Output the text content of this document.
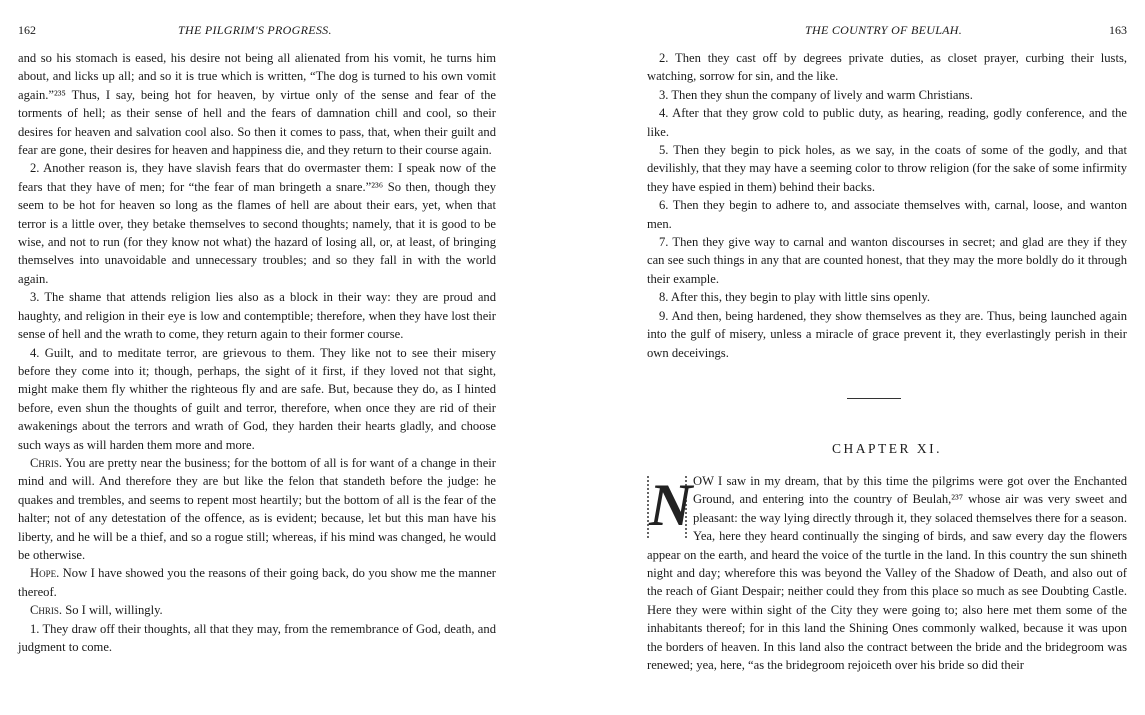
162	THE PILGRIM'S PROGRESS.

and so his stomach is eased, his desire not being all alienated from his vomit, he turns him about, and licks up all; and so it is true which is written, “The dog is turned to his own vomit again.”²³⁵ Thus, I say, being hot for heaven, by virtue only of the sense and fear of the torments of hell; as their sense of hell and the fears of damnation chill and cool, so their desires for heaven and salvation cool also. So then it comes to pass, that, when their guilt and fear are gone, their desires for heaven and happiness die, and they return to their course again.

2. Another reason is, they have slavish fears that do overmaster them: I speak now of the fears that they have of men; for “the fear of man bringeth a snare.”²³⁶ So then, though they seem to be hot for heaven so long as the flames of hell are about their ears, yet, when that terror is a little over, they betake themselves to second thoughts; namely, that it is good to be wise, and not to run (for they know not what) the hazard of losing all, or, at least, of bringing themselves into unavoidable and unnecessary troubles; and so they fall in with the world again.

3. The shame that attends religion lies also as a block in their way: they are proud and haughty, and religion in their eye is low and contemptible; therefore, when they have lost their sense of hell and the wrath to come, they return again to their former course.

4. Guilt, and to meditate terror, are grievous to them. They like not to see their misery before they come into it; though, perhaps, the sight of it first, if they loved not that sight, might make them fly whither the righteous fly and are safe. But, because they do, as I hinted before, even shun the thoughts of guilt and terror, therefore, when once they are rid of their awakenings about the terrors and wrath of God, they harden their hearts gladly, and choose such ways as will harden them more and more.

Chris. You are pretty near the business; for the bottom of all is for want of a change in their mind and will. And therefore they are but like the felon that standeth before the judge: he quakes and trembles, and seems to repent most heartily; but the bottom of all is the fear of the halter; not of any detestation of the offence, as is evident; because, let but this man have his liberty, and he will be a thief, and so a rogue still; whereas, if his mind was changed, he would be otherwise.

Hope. Now I have showed you the reasons of their going back, do you show me the manner thereof.

Chris. So I will, willingly.

1. They draw off their thoughts, all that they may, from the remembrance of God, death, and judgment to come.

THE COUNTRY OF BEULAH.	163

2. Then they cast off by degrees private duties, as closet prayer, curbing their lusts, watching, sorrow for sin, and the like.

3. Then they shun the company of lively and warm Christians.

4. After that they grow cold to public duty, as hearing, reading, godly conference, and the like.

5. Then they begin to pick holes, as we say, in the coats of some of the godly, and that devilishly, that they may have a seeming color to throw religion (for the sake of some infirmity they have espied in them) behind their backs.

6. Then they begin to adhere to, and associate themselves with, carnal, loose, and wanton men.

7. Then they give way to carnal and wanton discourses in secret; and glad are they if they can see such things in any that are counted honest, that they may the more boldly do it through their example.

8. After this, they begin to play with little sins openly.

9. And then, being hardened, they show themselves as they are. Thus, being launched again into the gulf of misery, unless a miracle of grace prevent it, they everlastingly perish in their own deceivings.

CHAPTER XI.
N OW I saw in my dream, that by this time the pilgrims were got over the Enchanted Ground, and entering into the country of Beulah,²³⁷ whose air was very sweet and pleasant: the way lying directly through it, they solaced themselves there for a season. Yea, here they heard continually the singing of birds, and saw every day the flowers appear on the earth, and heard the voice of the turtle in the land. In this country the sun shineth night and day; wherefore this was beyond the Valley of the Shadow of Death, and also out of the reach of Giant Despair; neither could they from this place so much as see Doubting Castle. Here they were within sight of the City they were going to; also here met them some of the inhabitants thereof; for in this land the Shining Ones commonly walked, because it was upon the borders of heaven. In this land also the contract between the bride and the bridegroom was renewed; yea, here, “as the bridegroom rejoiceth over his bride so did their
